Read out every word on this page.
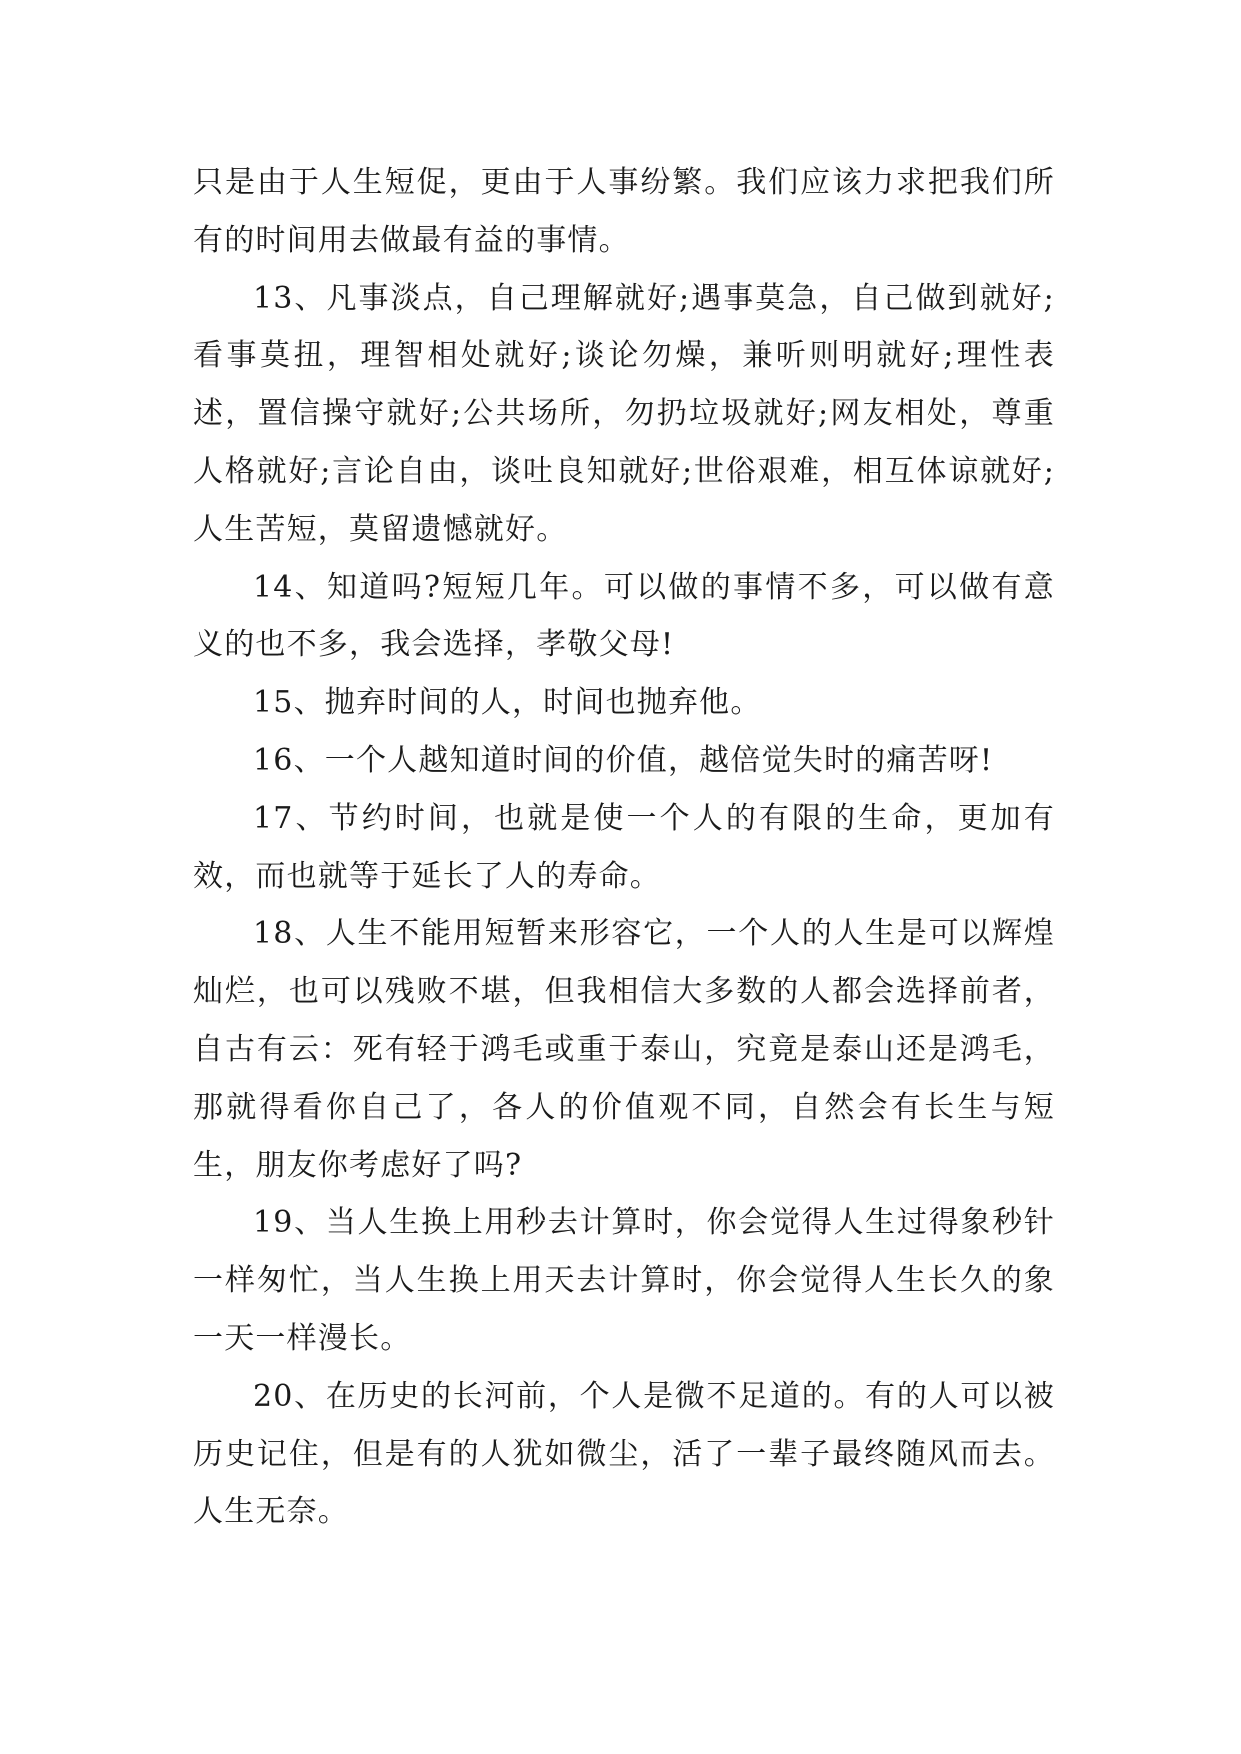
只是由于人生短促，更由于人事纷繁。我们应该力求把我们所有的时间用去做最有益的事情。

13、凡事淡点，自己理解就好;遇事莫急，自己做到就好;看事莫扭，理智相处就好;谈论勿燥，兼听则明就好;理性表述，置信操守就好;公共场所，勿扔垃圾就好;网友相处，尊重人格就好;言论自由，谈吐良知就好;世俗艰难，相互体谅就好;人生苦短，莫留遗憾就好。

14、知道吗?短短几年。可以做的事情不多，可以做有意义的也不多，我会选择，孝敬父母!

15、抛弃时间的人，时间也抛弃他。

16、一个人越知道时间的价值，越倍觉失时的痛苦呀!

17、节约时间，也就是使一个人的有限的生命，更加有效，而也就等于延长了人的寿命。

18、人生不能用短暂来形容它，一个人的人生是可以辉煌灿烂，也可以残败不堪，但我相信大多数的人都会选择前者，自古有云：死有轻于鸿毛或重于泰山，究竟是泰山还是鸿毛，那就得看你自己了，各人的价值观不同，自然会有长生与短生，朋友你考虑好了吗?

19、当人生换上用秒去计算时，你会觉得人生过得象秒针一样匆忙，当人生换上用天去计算时，你会觉得人生长久的象一天一样漫长。

20、在历史的长河前，个人是微不足道的。有的人可以被历史记住，但是有的人犹如微尘，活了一辈子最终随风而去。人生无奈。
